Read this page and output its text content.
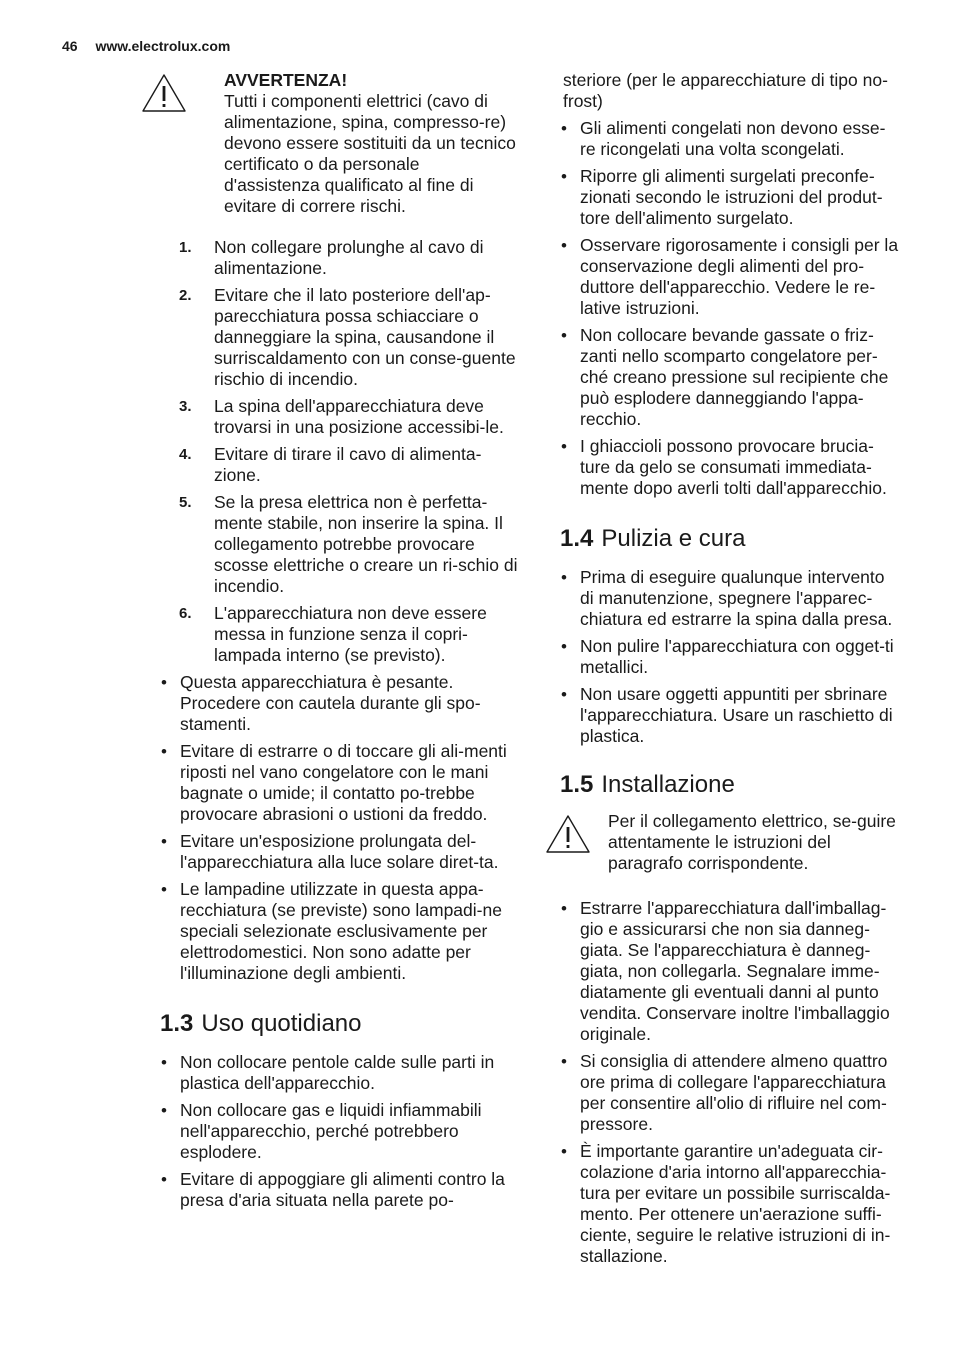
46 www.electrolux.com
AVVERTENZA!
Tutti i componenti elettrici (cavo di alimentazione, spina, compresso-re) devono essere sostituiti da un tecnico certificato o da personale d'assistenza qualificato al fine di evitare di correre rischi.
1. Non collegare prolunghe al cavo di alimentazione.
2. Evitare che il lato posteriore dell'ap-parecchiatura possa schiacciare o danneggiare la spina, causandone il surriscaldamento con un conse-guente rischio di incendio.
3. La spina dell'apparecchiatura deve trovarsi in una posizione accessibi-le.
4. Evitare di tirare il cavo di alimenta-zione.
5. Se la presa elettrica non è perfetta-mente stabile, non inserire la spina. Il collegamento potrebbe provocare scosse elettriche o creare un ri-schio di incendio.
6. L'apparecchiatura non deve essere messa in funzione senza il copri-lampada interno (se previsto).
• Questa apparecchiatura è pesante. Procedere con cautela durante gli spo-stamenti.
• Evitare di estrarre o di toccare gli ali-menti riposti nel vano congelatore con le mani bagnate o umide; il contatto po-trebbe provocare abrasioni o ustioni da freddo.
• Evitare un'esposizione prolungata del-l'apparecchiatura alla luce solare diret-ta.
• Le lampadine utilizzate in questa appa-recchiatura (se previste) sono lampadi-ne speciali selezionate esclusivamente per elettrodomestici. Non sono adatte per l'illuminazione degli ambienti.
1.3 Uso quotidiano
• Non collocare pentole calde sulle parti in plastica dell'apparecchio.
• Non collocare gas e liquidi infiammabili nell'apparecchio, perché potrebbero esplodere.
• Evitare di appoggiare gli alimenti contro la presa d'aria situata nella parete po-
steriore (per le apparecchiature di tipo no-frost)
• Gli alimenti congelati non devono esse-re ricongelati una volta scongelati.
• Riporre gli alimenti surgelati preconfe-zionati secondo le istruzioni del produt-tore dell'alimento surgelato.
• Osservare rigorosamente i consigli per la conservazione degli alimenti del pro-duttore dell'apparecchio. Vedere le re-lative istruzioni.
• Non collocare bevande gassate o friz-zanti nello scomparto congelatore per-ché creano pressione sul recipiente che può esplodere danneggiando l'appa-recchio.
• I ghiaccioli possono provocare brucia-ture da gelo se consumati immediata-mente dopo averli tolti dall'apparecchio.
1.4 Pulizia e cura
• Prima di eseguire qualunque intervento di manutenzione, spegnere l'apparec-chiatura ed estrarre la spina dalla presa.
• Non pulire l'apparecchiatura con ogget-ti metallici.
• Non usare oggetti appuntiti per sbrinare l'apparecchiatura. Usare un raschietto di plastica.
1.5 Installazione
Per il collegamento elettrico, se-guire attentamente le istruzioni del paragrafo corrispondente.
• Estrarre l'apparecchiatura dall'imballag-gio e assicurarsi che non sia danneg-giata. Se l'apparecchiatura è danneg-giata, non collegarla. Segnalare imme-diatamente gli eventuali danni al punto vendita. Conservare inoltre l'imballaggio originale.
• Si consiglia di attendere almeno quattro ore prima di collegare l'apparecchiatura per consentire all'olio di rifluire nel com-pressore.
• È importante garantire un'adeguata cir-colazione d'aria intorno all'apparecchia-tura per evitare un possibile surriscalda-mento. Per ottenere un'aerazione suffi-ciente, seguire le relative istruzioni di in-stallazione.
